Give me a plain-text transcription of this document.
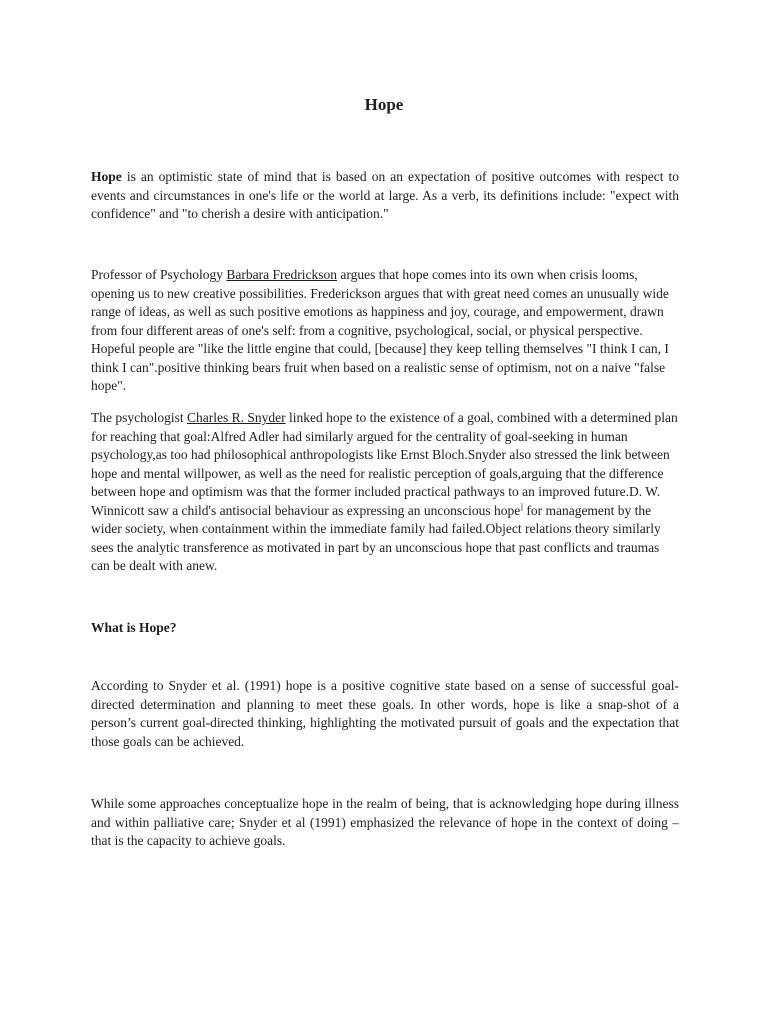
Hope
Hope is an optimistic state of mind that is based on an expectation of positive outcomes with respect to events and circumstances in one's life or the world at large. As a verb, its definitions include: "expect with confidence" and "to cherish a desire with anticipation."
Professor of Psychology Barbara Fredrickson argues that hope comes into its own when crisis looms, opening us to new creative possibilities. Frederickson argues that with great need comes an unusually wide range of ideas, as well as such positive emotions as happiness and joy, courage, and empowerment, drawn from four different areas of one's self: from a cognitive, psychological, social, or physical perspective. Hopeful people are "like the little engine that could, [because] they keep telling themselves "I think I can, I think I can".positive thinking bears fruit when based on a realistic sense of optimism, not on a naive "false hope".
The psychologist Charles R. Snyder linked hope to the existence of a goal, combined with a determined plan for reaching that goal:Alfred Adler had similarly argued for the centrality of goal-seeking in human psychology,as too had philosophical anthropologists like Ernst Bloch.Snyder also stressed the link between hope and mental willpower, as well as the need for realistic perception of goals,arguing that the difference between hope and optimism was that the former included practical pathways to an improved future.D. W. Winnicott saw a child's antisocial behaviour as expressing an unconscious hope] for management by the wider society, when containment within the immediate family had failed.Object relations theory similarly sees the analytic transference as motivated in part by an unconscious hope that past conflicts and traumas can be dealt with anew.
What is Hope?
According to Snyder et al. (1991) hope is a positive cognitive state based on a sense of successful goal-directed determination and planning to meet these goals. In other words, hope is like a snap-shot of a person’s current goal-directed thinking, highlighting the motivated pursuit of goals and the expectation that those goals can be achieved.
While some approaches conceptualize hope in the realm of being, that is acknowledging hope during illness and within palliative care; Snyder et al (1991) emphasized the relevance of hope in the context of doing – that is the capacity to achieve goals.
